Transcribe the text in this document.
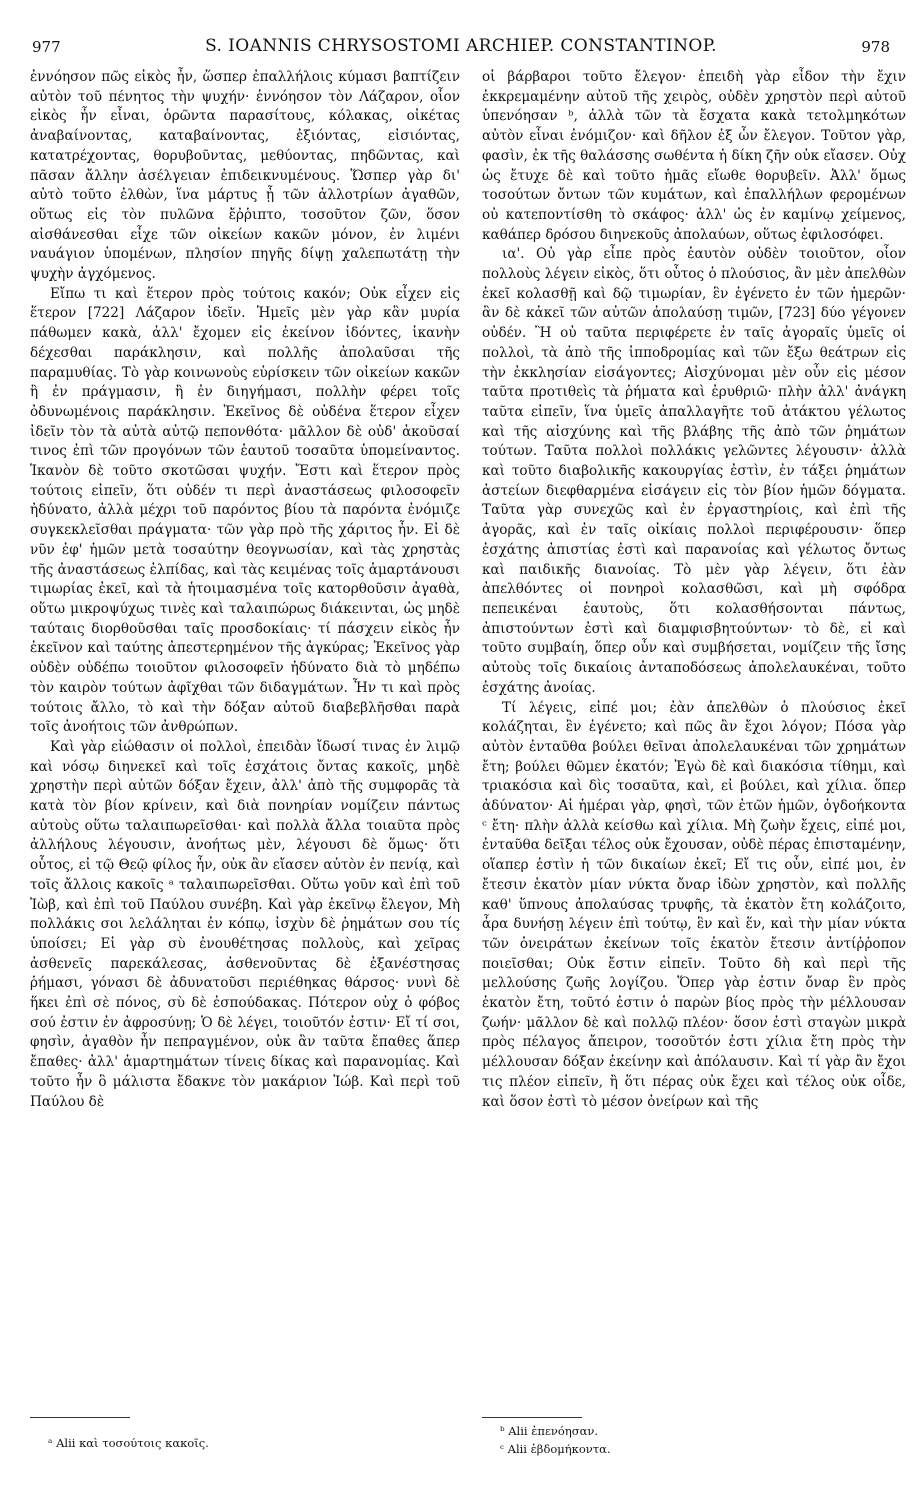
977	S. IOANNIS CHRYSOSTOMI ARCHIEP. CONSTANTINOP.	978

ἐννόησον πῶς εἰκὸς ἦν, ὥσπερ ἐπαλλήλοις κύμασι βαπτίζειν αὐτὸν τοῦ πένητος τὴν ψυχήν· ἐννόησον τὸν Λάζαρον, οἷον εἰκὸς ἦν εἶναι, ὁρῶντα παρασίτους, κόλακας, οἰκέτας ἀναβαίνοντας, καταβαίνοντας, ἐξιόντας, εἰσιόντας, κατατρέχοντας, θορυβοῦντας, μεθύοντας, πηδῶντας, καὶ πᾶσαν ἄλλην ἀσέλγειαν ἐπιδεικνυμένους. Ὥσπερ γὰρ δι' αὐτὸ τοῦτο ἐλθὼν, ἵνα μάρτυς ᾖ τῶν ἀλλοτρίων ἀγαθῶν, οὕτως εἰς τὸν πυλῶνα ἔῤῥιπτο, τοσοῦτον ζῶν, ὅσον αἰσθάνεσθαι εἶχε τῶν οἰκείων κακῶν μόνον, ἐν λιμένι ναυάγιον ὑπομένων, πλησίον πηγῆς δίψῃ χαλεπωτάτῃ τὴν ψυχὴν ἀγχόμενος.

Εἴπω τι καὶ ἕτερον πρὸς τούτοις κακόν; Οὐκ εἶχεν εἰς ἕτερον [722] Λάζαρον ἰδεῖν. Ἡμεῖς μὲν γὰρ κἂν μυρία πάθωμεν κακὰ, ἀλλ' ἔχομεν εἰς ἐκείνον ἰδόντες, ἱκανὴν δέχεσθαι παράκλησιν, καὶ πολλῆς ἀπολαῦσαι τῆς παραμυθίας. Τὸ γὰρ κοινωνοὺς εὑρίσκειν τῶν οἰκείων κακῶν ἢ ἐν πράγμασιν, ἢ ἐν διηγήμασι, πολλὴν φέρει τοῖς ὀδυνωμένοις παράκλησιν. Ἐκεῖνος δὲ οὐδένα ἕτερον εἶχεν ἰδεῖν τὸν τὰ αὐτὰ αὐτῷ πεπονθότα· μᾶλλον δὲ οὐδ' ἀκοῦσαί τινος ἐπὶ τῶν προγόνων τῶν ἑαυτοῦ τοσαῦτα ὑπομείναντος. Ἱκανὸν δὲ τοῦτο σκοτῶσαι ψυχήν. Ἔστι καὶ ἕτερον πρὸς τούτοις εἰπεῖν, ὅτι οὐδέν τι περὶ ἀναστάσεως φιλοσοφεῖν ἠδύνατο, ἀλλὰ μέχρι τοῦ παρόντος βίου τὰ παρόντα ἐνόμιζε συγκεκλεῖσθαι πράγματα· τῶν γὰρ πρὸ τῆς χάριτος ἦν. Εἰ δὲ νῦν ἐφ' ἡμῶν μετὰ τοσαύτην θεογνωσίαν, καὶ τὰς χρηστὰς τῆς ἀναστάσεως ἐλπίδας, καὶ τὰς κειμένας τοῖς ἁμαρτάνουσι τιμωρίας ἐκεῖ, καὶ τὰ ἡτοιμασμένα τοῖς κατορθοῦσιν ἀγαθὰ, οὕτω μικροψύχως τινὲς καὶ ταλαιπώρως διάκεινται, ὡς μηδὲ ταύταις διορθοῦσθαι ταῖς προσδοκίαις· τί πάσχειν εἰκὸς ἦν ἐκεῖνον καὶ ταύτης ἀπεστερημένον τῆς ἀγκύρας; Ἐκεῖνος γὰρ οὐδὲν οὐδέπω τοιοῦτον φιλοσοφεῖν ἠδύνατο διὰ τὸ μηδέπω τὸν καιρὸν τούτων ἀφῖχθαι τῶν διδαγμάτων. Ἦν τι καὶ πρὸς τούτοις ἄλλο, τὸ καὶ τὴν δόξαν αὐτοῦ διαβεβλῆσθαι παρὰ τοῖς ἀνοήτοις τῶν ἀνθρώπων.

Καὶ γὰρ εἰώθασιν οἱ πολλοὶ, ἐπειδὰν ἴδωσί τινας ἐν λιμῷ καὶ νόσῳ διηνεκεῖ καὶ τοῖς ἐσχάτοις ὄντας κακοῖς, μηδὲ χρηστὴν περὶ αὐτῶν δόξαν ἔχειν, ἀλλ' ἀπὸ τῆς συμφορᾶς τὰ κατὰ τὸν βίον κρίνειν, καὶ διὰ πονηρίαν νομίζειν πάντως αὐτοὺς οὕτω ταλαιπωρεῖσθαι· καὶ πολλὰ ἄλλα τοιαῦτα πρὸς ἀλλήλους λέγουσιν, ἀνοήτως μὲν, λέγουσι δὲ ὅμως· ὅτι οὗτος, εἰ τῷ Θεῷ φίλος ἦν, οὐκ ἂν εἴασεν αὐτὸν ἐν πενίᾳ, καὶ τοῖς ἄλλοις κακοῖς ᵃ ταλαιπωρεῖσθαι. Οὕτω γοῦν καὶ ἐπὶ τοῦ Ἰὼβ, καὶ ἐπὶ τοῦ Παύλου συνέβη. Καὶ γὰρ ἐκεῖνῳ ἔλεγον, Μὴ πολλάκις σοι λελάληται ἐν κόπῳ, ἰσχὺν δὲ ῥημάτων σου τίς ὑποίσει; Εἰ γὰρ σὺ ἐνουθέτησας πολλοὺς, καὶ χεῖρας ἀσθενεῖς παρεκάλεσας, ἀσθενοῦντας δὲ ἐξανέστησας ῥήμασι, γόνασι δὲ ἀδυνατοῦσι περιέθηκας θάρσος· νυνὶ δὲ ἥκει ἐπὶ σὲ πόνος, σὺ δὲ ἐσπούδακας. Πότερον οὐχ ὁ φόβος σού ἐστιν ἐν ἀφροσύνῃ; Ὁ δὲ λέγει, τοιοῦτόν ἐστιν· Εἴ τί σοι, φησὶν, ἀγαθὸν ἦν πεπραγμένον, οὐκ ἂν ταῦτα ἔπαθες ἅπερ ἔπαθες· ἀλλ' ἁμαρτημάτων τίνεις δίκας καὶ παρανομίας. Καὶ τοῦτο ἦν ὃ μάλιστα ἔδακνε τὸν μακάριον Ἰώβ. Καὶ περὶ τοῦ Παύλου δὲ

οἱ βάρβαροι τοῦτο ἔλεγον· ἐπειδὴ γὰρ εἶδον τὴν ἔχιν ἐκκρεμαμένην αὐτοῦ τῆς χειρὸς, οὐδὲν χρηστὸν περὶ αὐτοῦ ὑπενόησαν ᵇ, ἀλλὰ τῶν τὰ ἔσχατα κακὰ τετολμηκότων αὐτὸν εἶναι ἐνόμιζον· καὶ δῆλον ἐξ ὧν ἔλεγον. Τοῦτον γὰρ, φασὶν, ἐκ τῆς θαλάσσης σωθέντα ἡ δίκη ζῆν οὐκ εἴασεν. Οὐχ ὡς ἔτυχε δὲ καὶ τοῦτο ἡμᾶς εἴωθε θορυβεῖν. Ἀλλ' ὅμως τοσούτων ὄντων τῶν κυμάτων, καὶ ἐπαλλήλων φερομένων οὐ κατεποντίσθη τὸ σκάφος· ἀλλ' ὡς ἐν καμίνῳ χείμενος, καθάπερ δρόσου διηνεκοῦς ἀπολαύων, οὕτως ἐφιλοσόφει.

ια'. Οὐ γὰρ εἶπε πρὸς ἑαυτὸν οὐδὲν τοιοῦτον, οἷον πολλοὺς λέγειν εἰκὸς, ὅτι οὗτος ὁ πλούσιος, ἂν μὲν ἀπελθὼν ἐκεῖ κολασθῇ καὶ δῷ τιμωρίαν, ἓν ἐγένετο ἐν τῶν ἡμερῶν· ἂν δὲ κἀκεῖ τῶν αὐτῶν ἀπολαύσῃ τιμῶν, [723] δύο γέγονεν οὐδέν. Ἢ οὐ ταῦτα περιφέρετε ἐν ταῖς ἀγοραῖς ὑμεῖς οἱ πολλοὶ, τὰ ἀπὸ τῆς ἱπποδρομίας καὶ τῶν ἔξω θεάτρων εἰς τὴν ἐκκλησίαν εἰσάγοντες; Αἰσχύνομαι μὲν οὖν εἰς μέσον ταῦτα προτιθεὶς τὰ ῥήματα καὶ ἐρυθριῶ· πλὴν ἀλλ' ἀνάγκη ταῦτα εἰπεῖν, ἵνα ὑμεῖς ἀπαλλαγῆτε τοῦ ἀτάκτου γέλωτος καὶ τῆς αἰσχύνης καὶ τῆς βλάβης τῆς ἀπὸ τῶν ῥημάτων τούτων. Ταῦτα πολλοὶ πολλάκις γελῶντες λέγουσιν· ἀλλὰ καὶ τοῦτο διαβολικῆς κακουργίας ἐστὶν, ἐν τάξει ῥημάτων ἀστείων διεφθαρμένα εἰσάγειν εἰς τὸν βίον ἡμῶν δόγματα. Ταῦτα γὰρ συνεχῶς καὶ ἐν ἐργαστηρίοις, καὶ ἐπὶ τῆς ἀγορᾶς, καὶ ἐν ταῖς οἰκίαις πολλοὶ περιφέρουσιν· ὅπερ ἐσχάτης ἀπιστίας ἐστὶ καὶ παρανοίας καὶ γέλωτος ὄντως καὶ παιδικῆς διανοίας. Τὸ μὲν γὰρ λέγειν, ὅτι ἐὰν ἀπελθόντες οἱ πονηροὶ κολασθῶσι, καὶ μὴ σφόδρα πεπεικέναι ἑαυτοὺς, ὅτι κολασθήσονται πάντως, ἀπιστούντων ἐστὶ καὶ διαμφισβητούντων· τὸ δὲ, εἰ καὶ τοῦτο συμβαίη, ὅπερ οὖν καὶ συμβήσεται, νομίζειν τῆς ἴσης αὐτοὺς τοῖς δικαίοις ἀνταποδόσεως ἀπολελαυκέναι, τοῦτο ἐσχάτης ἀνοίας.

Τί λέγεις, εἰπέ μοι; ἐὰν ἀπελθὼν ὁ πλούσιος ἐκεῖ κολάζηται, ἓν ἐγένετο; καὶ πῶς ἂν ἔχοι λόγον; Πόσα γὰρ αὐτὸν ἐνταῦθα βούλει θεῖναι ἀπολελαυκέναι τῶν χρημάτων ἔτη; βούλει θῶμεν ἑκατόν; Ἐγὼ δὲ καὶ διακόσια τίθημι, καὶ τριακόσια καὶ δὶς τοσαῦτα, καὶ, εἰ βούλει, καὶ χίλια. ὅπερ ἀδύνατον· Αἱ ἡμέραι γὰρ, φησὶ, τῶν ἐτῶν ἡμῶν, ὀγδοήκοντα ᶜ ἔτη· πλὴν ἀλλὰ κείσθω καὶ χίλια. Μὴ ζωὴν ἔχεις, εἰπέ μοι, ἐνταῦθα δεῖξαι τέλος οὐκ ἔχουσαν, οὐδὲ πέρας ἐπισταμένην, οἵαπερ ἐστὶν ἡ τῶν δικαίων ἐκεῖ; Εἴ τις οὖν, εἰπέ μοι, ἐν ἔτεσιν ἑκατὸν μίαν νύκτα ὄναρ ἰδὼν χρηστὸν, καὶ πολλῆς καθ' ὕπνους ἀπολαύσας τρυφῆς, τὰ ἑκατὸν ἔτη κολάζοιτο, ἆρα δυνήσῃ λέγειν ἐπὶ τούτῳ, ἓν καὶ ἕν, καὶ τὴν μίαν νύκτα τῶν ὀνειράτων ἐκείνων τοῖς ἑκατὸν ἔτεσιν ἀντίῤῥοπον ποιεῖσθαι; Οὐκ ἔστιν εἰπεῖν. Τοῦτο δὴ καὶ περὶ τῆς μελλούσης ζωῆς λογίζου. Ὅπερ γὰρ ἐστιν ὄναρ ἓν πρὸς ἑκατὸν ἔτη, τοῦτό ἐστιν ὁ παρὼν βίος πρὸς τὴν μέλλουσαν ζωήν· μᾶλλον δὲ καὶ πολλῷ πλέον· ὅσον ἐστὶ σταγὼν μικρὰ πρὸς πέλαγος ἄπειρον, τοσοῦτόν ἐστι χίλια ἔτη πρὸς τὴν μέλλουσαν δόξαν ἐκείνην καὶ ἀπόλαυσιν. Καὶ τί γὰρ ἂν ἔχοι τις πλέον εἰπεῖν, ἢ ὅτι πέρας οὐκ ἔχει καὶ τέλος οὐκ οἶδε, καὶ ὅσον ἐστὶ τὸ μέσον ὀνείρων καὶ τῆς

ᵃ Alii καὶ τοσούτοις κακοῖς.
ᵇ Alii ἐπενόησαν.
ᶜ Alii ἑβδομήκοντα.
